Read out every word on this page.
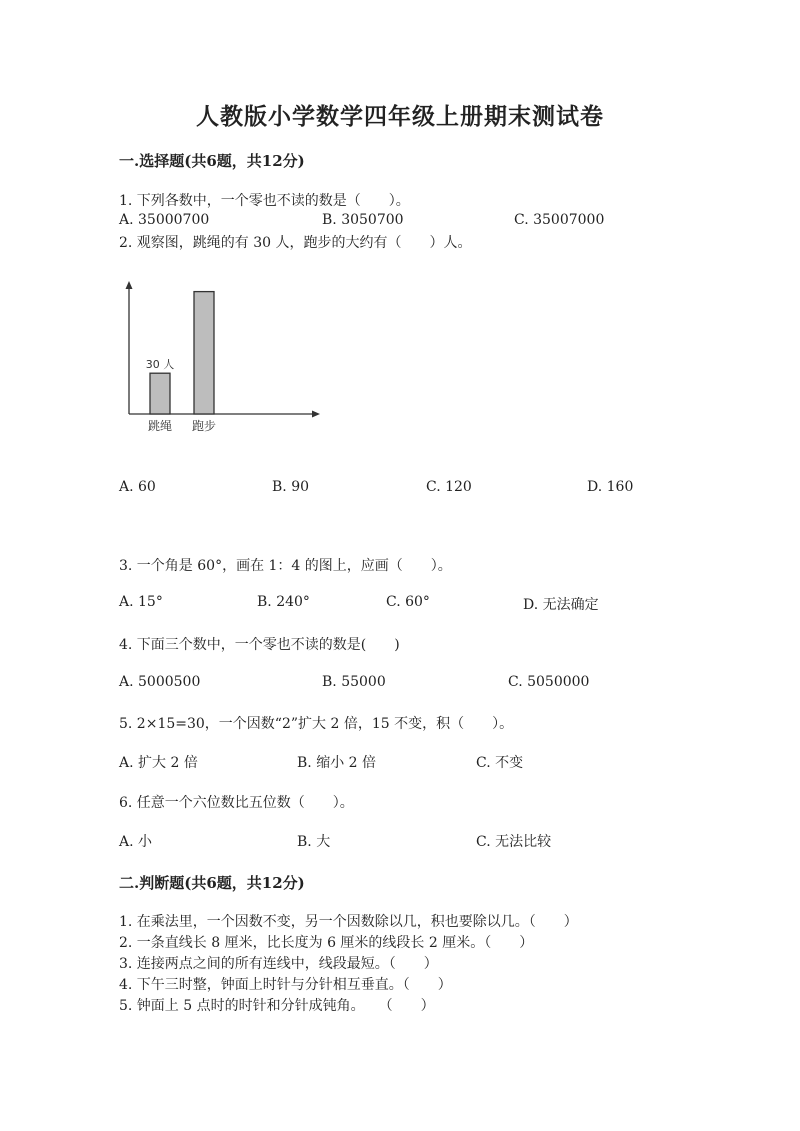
人教版小学数学四年级上册期末测试卷
一.选择题(共6题，共12分)
1. 下列各数中，一个零也不读的数是（　　）。
A. 35000700	B. 3050700	C. 35007000
2. 观察图，跳绳的有 30 人，跑步的大约有（　　）人。
跳绳
30 人
跑步
A. 60	B. 90	C. 120	D. 160
3. 一个角是 60°，画在 1：4 的图上，应画（　　）。
A. 15°	B. 240°	C. 60°	D. 无法确定
4. 下面三个数中，一个零也不读的数是(　　)
A. 5000500	B. 55000	C. 5050000
5. 2×15=30，一个因数“2”扩大 2 倍，15 不变，积（　　）。
A. 扩大 2 倍	B. 缩小 2 倍	C. 不变
6. 任意一个六位数比五位数（　　）。
A. 小	B. 大	C. 无法比较
二.判断题(共6题，共12分)
1. 在乘法里，一个因数不变，另一个因数除以几，积也要除以几。（　　）
2. 一条直线长 8 厘米，比长度为 6 厘米的线段长 2 厘米。（　　）
3. 连接两点之间的所有连线中，线段最短。（　　）
4. 下午三时整，钟面上时针与分针相互垂直。（　　）
5. 钟面上 5 点时的时针和分针成钝角。　　（　　）
